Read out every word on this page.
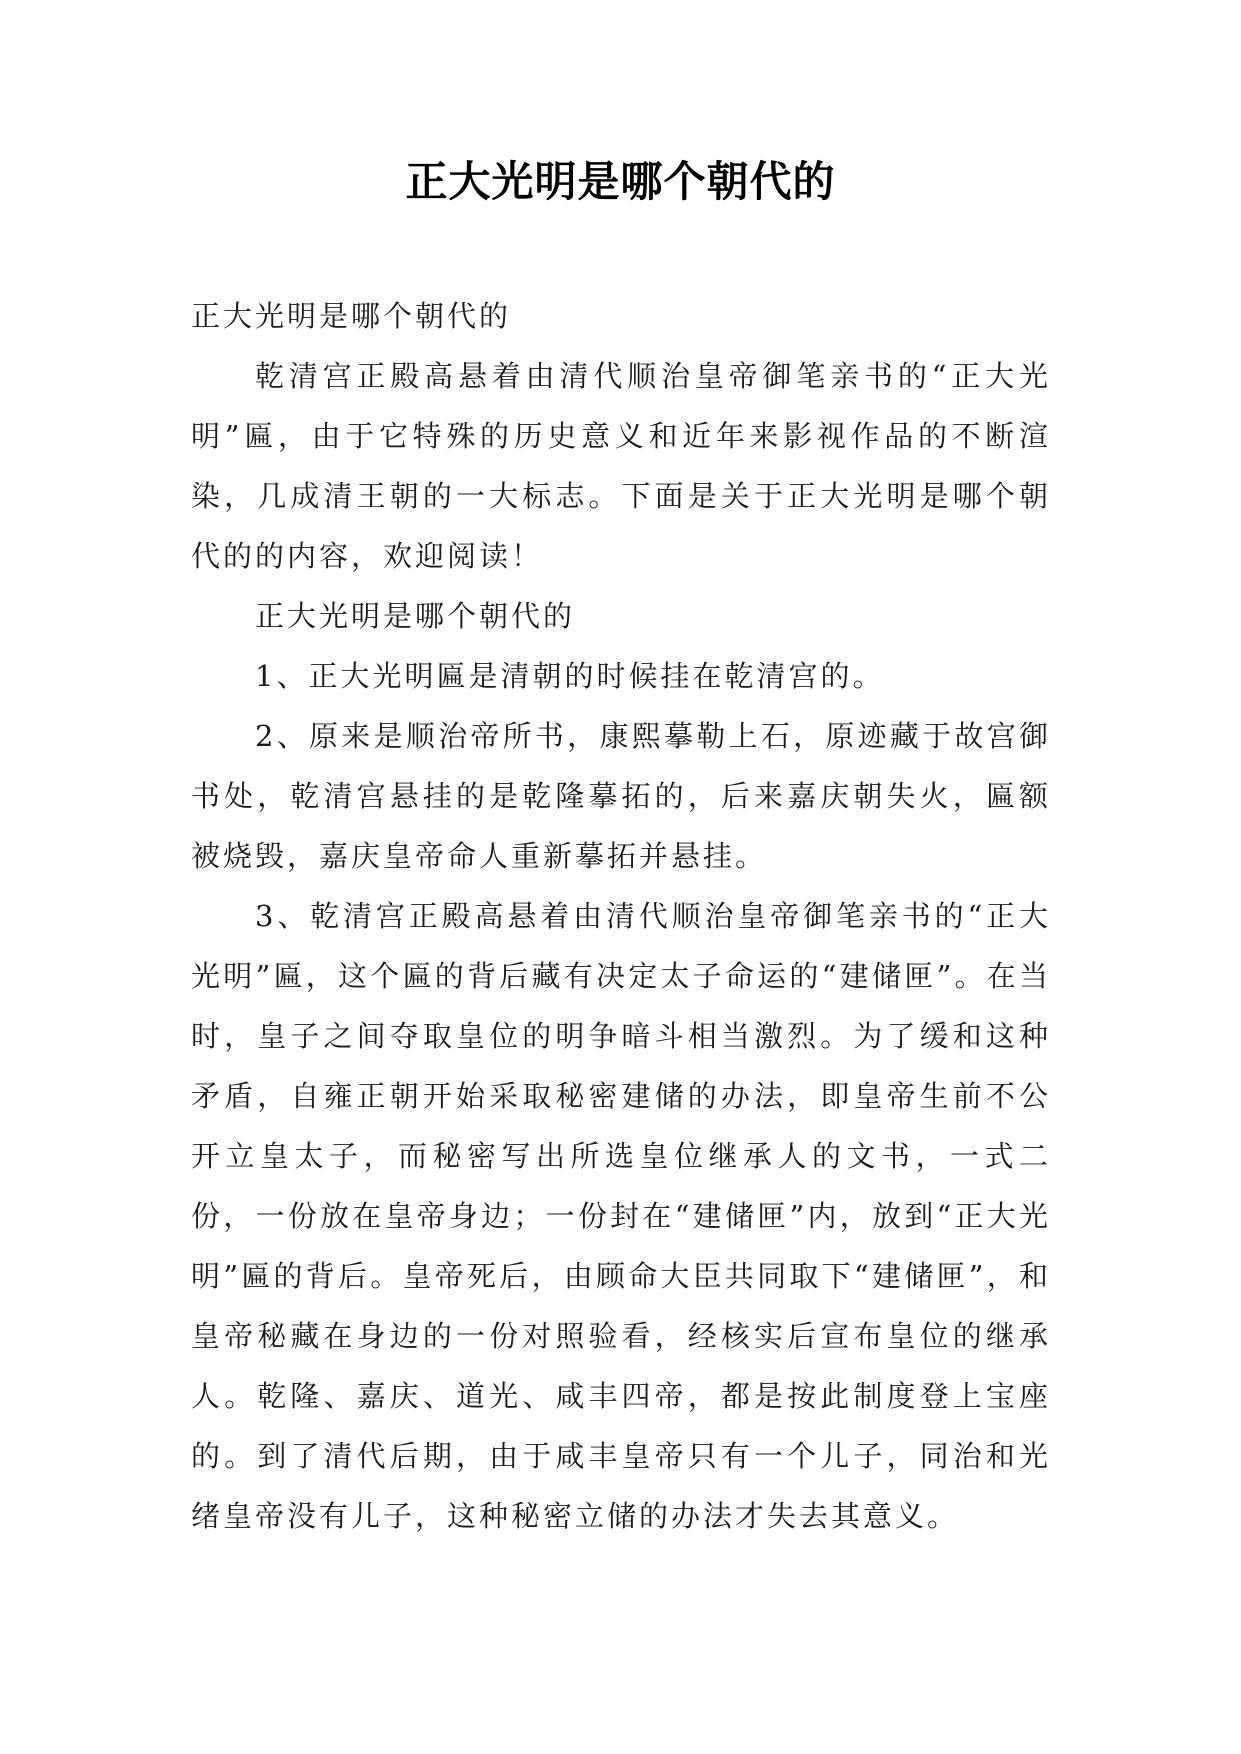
正大光明是哪个朝代的

正大光明是哪个朝代的

乾清宫正殿高悬着由清代顺治皇帝御笔亲书的“正大光明”匾，由于它特殊的历史意义和近年来影视作品的不断渲染，几成清王朝的一大标志。下面是关于正大光明是哪个朝代的的内容，欢迎阅读！

正大光明是哪个朝代的

1、正大光明匾是清朝的时候挂在乾清宫的。

2、原来是顺治帝所书，康熙摹勒上石，原迹藏于故宫御书处，乾清宫悬挂的是乾隆摹拓的，后来嘉庆朝失火，匾额被烧毁，嘉庆皇帝命人重新摹拓并悬挂。

3、乾清宫正殿高悬着由清代顺治皇帝御笔亲书的“正大光明”匾，这个匾的背后藏有决定太子命运的“建储匣”。在当时，皇子之间夺取皇位的明争暗斗相当激烈。为了缓和这种矛盾，自雍正朝开始采取秘密建储的办法，即皇帝生前不公开立皇太子，而秘密写出所选皇位继承人的文书，一式二份，一份放在皇帝身边；一份封在“建储匣”内，放到“正大光明”匾的背后。皇帝死后，由顾命大臣共同取下“建储匣”，和皇帝秘藏在身边的一份对照验看，经核实后宣布皇位的继承人。乾隆、嘉庆、道光、咸丰四帝，都是按此制度登上宝座的。到了清代后期，由于咸丰皇帝只有一个儿子，同治和光绪皇帝没有儿子，这种秘密立储的办法才失去其意义。
